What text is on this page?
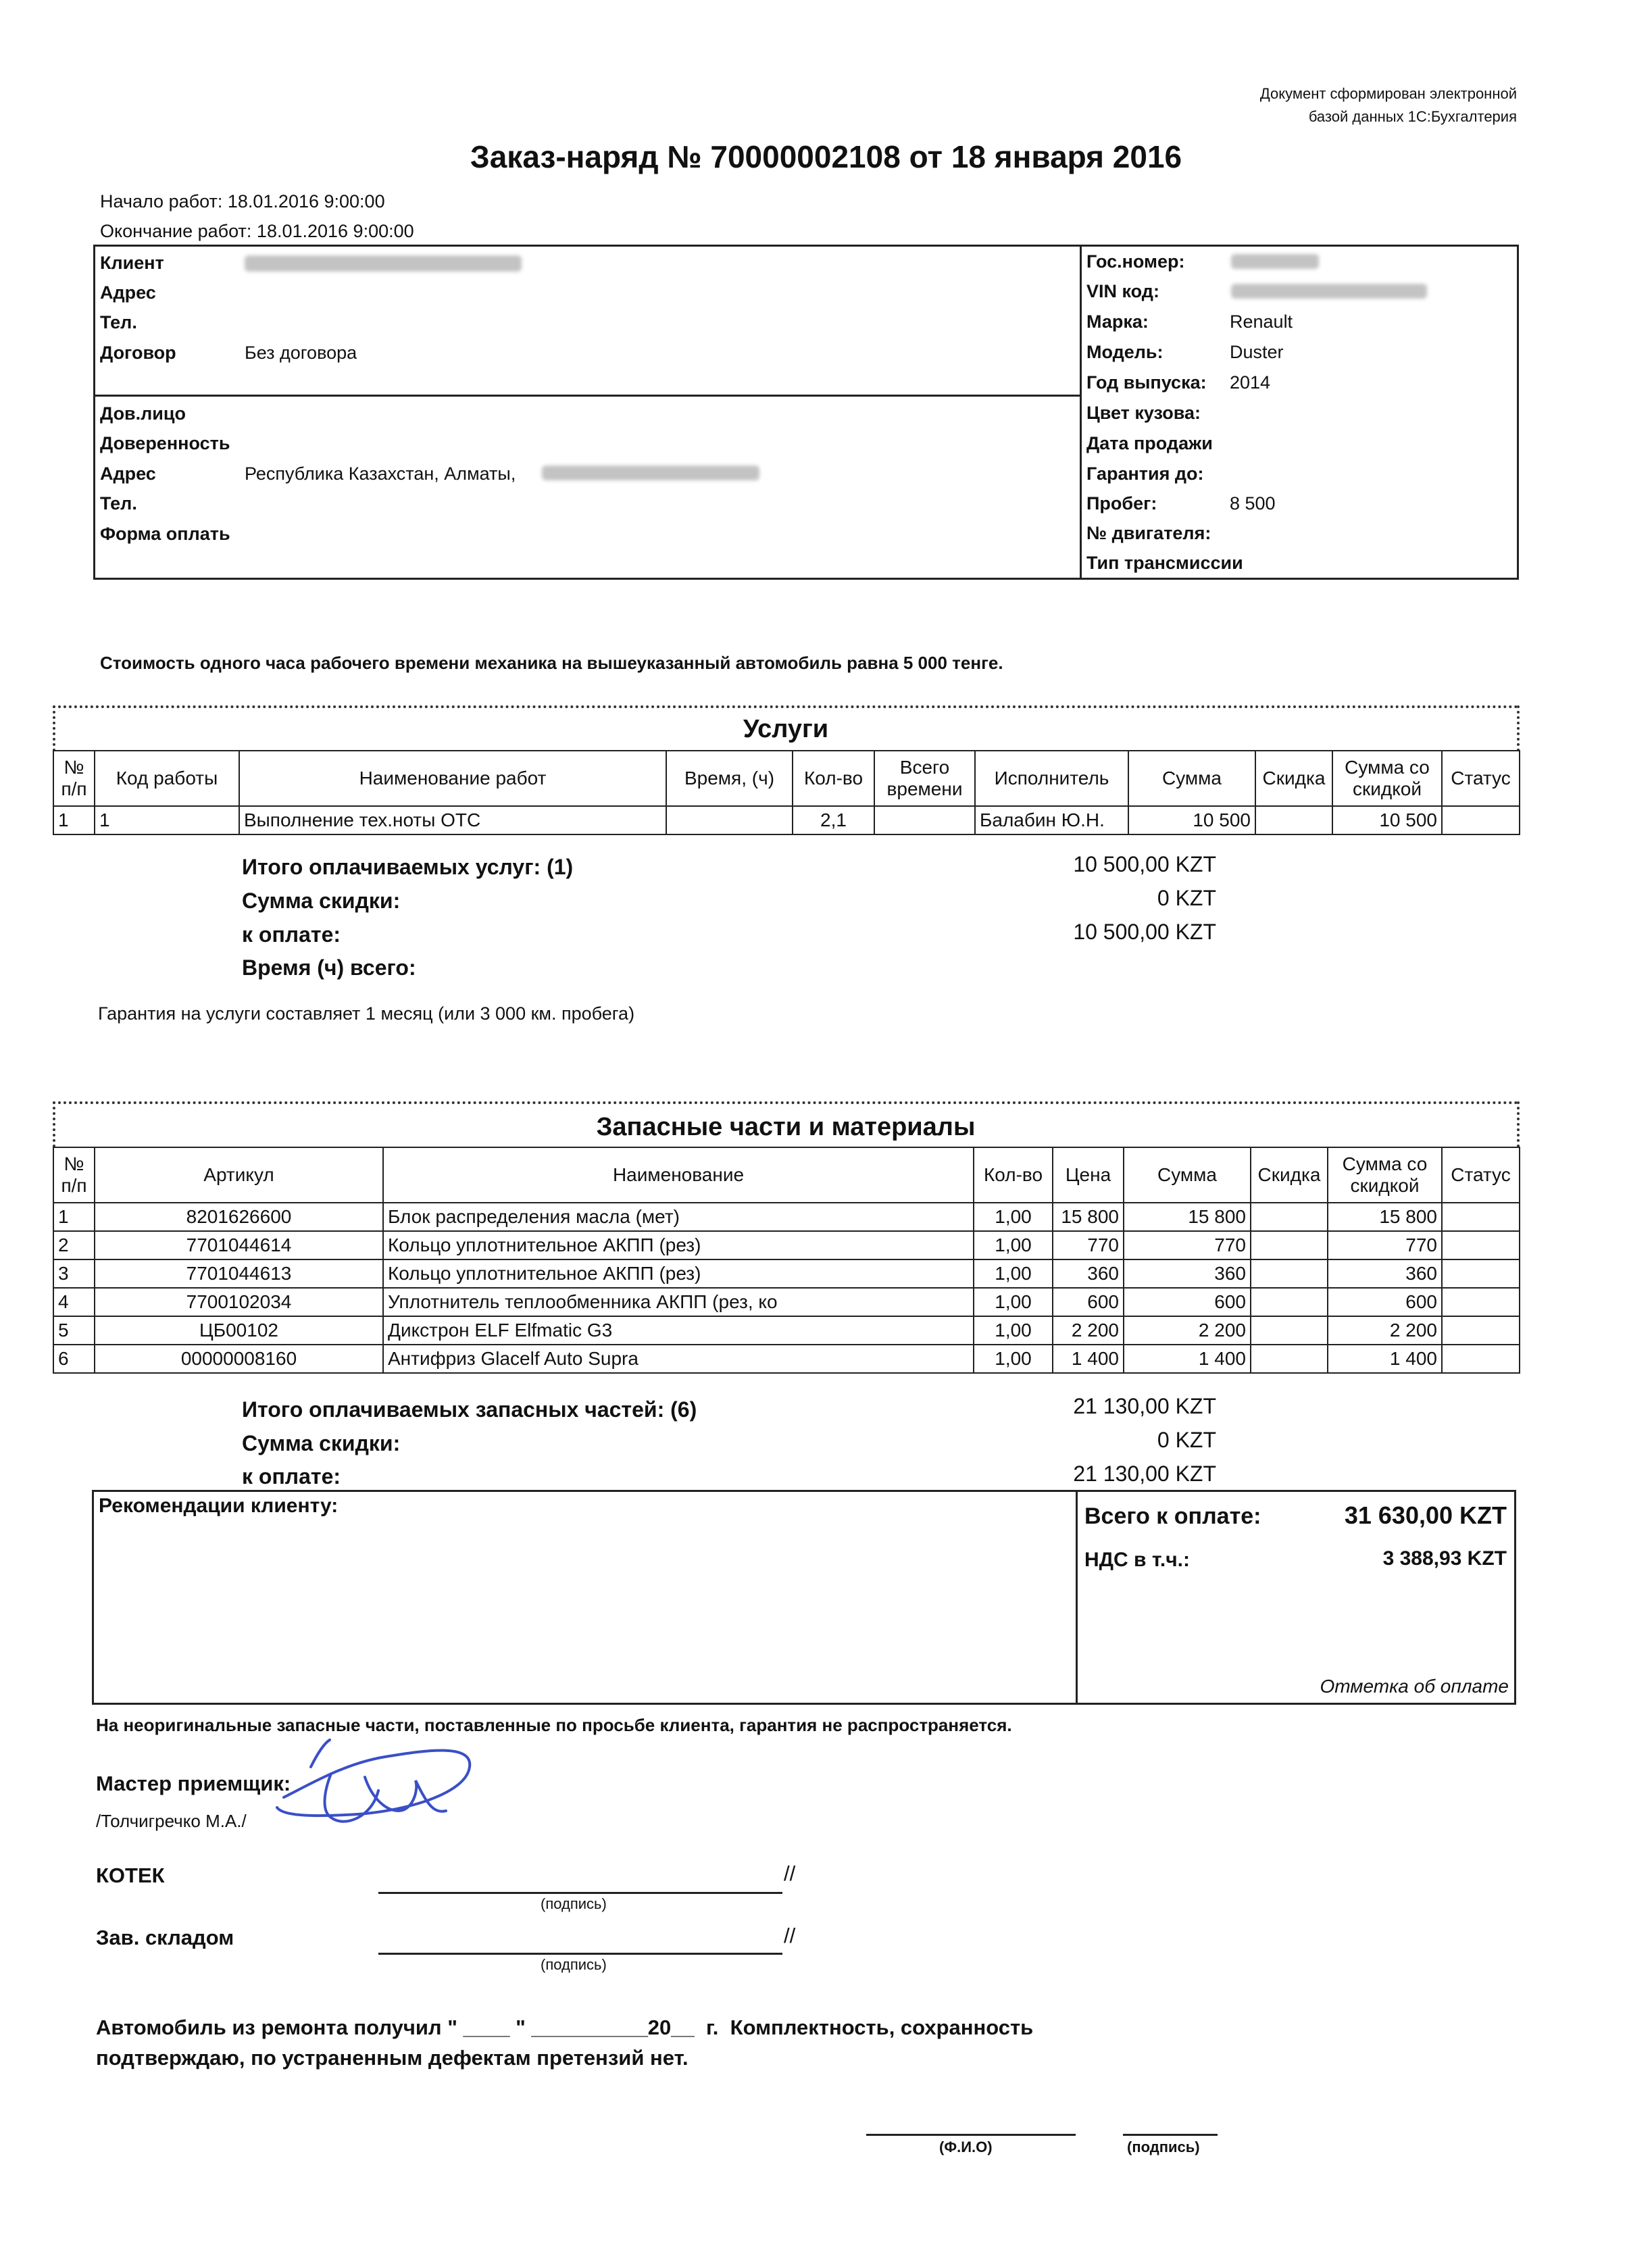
Документ сформирован электронной
базой данных 1С:Бухгалтерия
Заказ-наряд № 70000002108 от 18 января 2016
Начало работ: 18.01.2016 9:00:00
Окончание работ: 18.01.2016 9:00:00
Клиент
Адрес
Тел.
Договор	Без договора
Дов.лицо
Доверенность
Адрес	Республика Казахстан, Алматы,
Тел.
Форма оплать
Гос.номер:
VIN код:
Марка:	Renault
Модель:	Duster
Год выпуска: 2014
Цвет кузова:
Дата продажи
Гарантия до:
Пробег:	8 500
№ двигателя:
Тип трансмиссии
Стоимость одного часа рабочего времени механика на вышеуказанный автомобиль равна 5 000 тенге.
Услуги
№ п/п	Код работы	Наименование работ	Время, (ч)	Кол-во	Всего времени	Исполнитель	Сумма	Скидка	Сумма со скидкой	Статус
1	1	Выполнение тех.ноты ОТС		2,1		Балабин Ю.Н.	10 500		10 500	
Итого оплачиваемых услуг: (1)	10 500,00 KZT
Сумма скидки:	0 KZT
к оплате:	10 500,00 KZT
Время (ч) всего:
Гарантия на услуги составляет 1 месяц (или 3 000 км. пробега)
Запасные части и материалы
№ п/п	Артикул	Наименование	Кол-во	Цена	Сумма	Скидка	Сумма со скидкой	Статус
1	8201626600	Блок распределения масла (мет)	1,00	15 800	15 800		15 800	
2	7701044614	Кольцо уплотнительное АКПП (рез)	1,00	770	770		770	
3	7701044613	Кольцо уплотнительное АКПП (рез)	1,00	360	360		360	
4	7700102034	Уплотнитель теплообменника АКПП (рез, ко	1,00	600	600		600	
5	ЦБ00102	Дикстрон ELF Elfmatic G3	1,00	2 200	2 200		2 200	
6	00000008160	Антифриз Glacelf Auto Supra	1,00	1 400	1 400		1 400	
Итого оплачиваемых запасных частей: (6)	21 130,00 KZT
Сумма скидки:	0 KZT
к оплате:	21 130,00 KZT
Рекомендации клиенту:	Всего к оплате:	31 630,00 KZT
НДС в т.ч.:	3 388,93 KZT
Отметка об оплате
На неоригинальные запасные части, поставленные по просьбе клиента, гарантия не распространяется.
Мастер приемщик:
/Толчигречко М.А./
КОТЕК	//
(подпись)
Зав. складом	//
(подпись)
Автомобиль из ремонта получил " ____ " __________20__  г.  Комплектность, сохранность
подтверждаю, по устраненным дефектам претензий нет.
(Ф.И.О)	(подпись)
